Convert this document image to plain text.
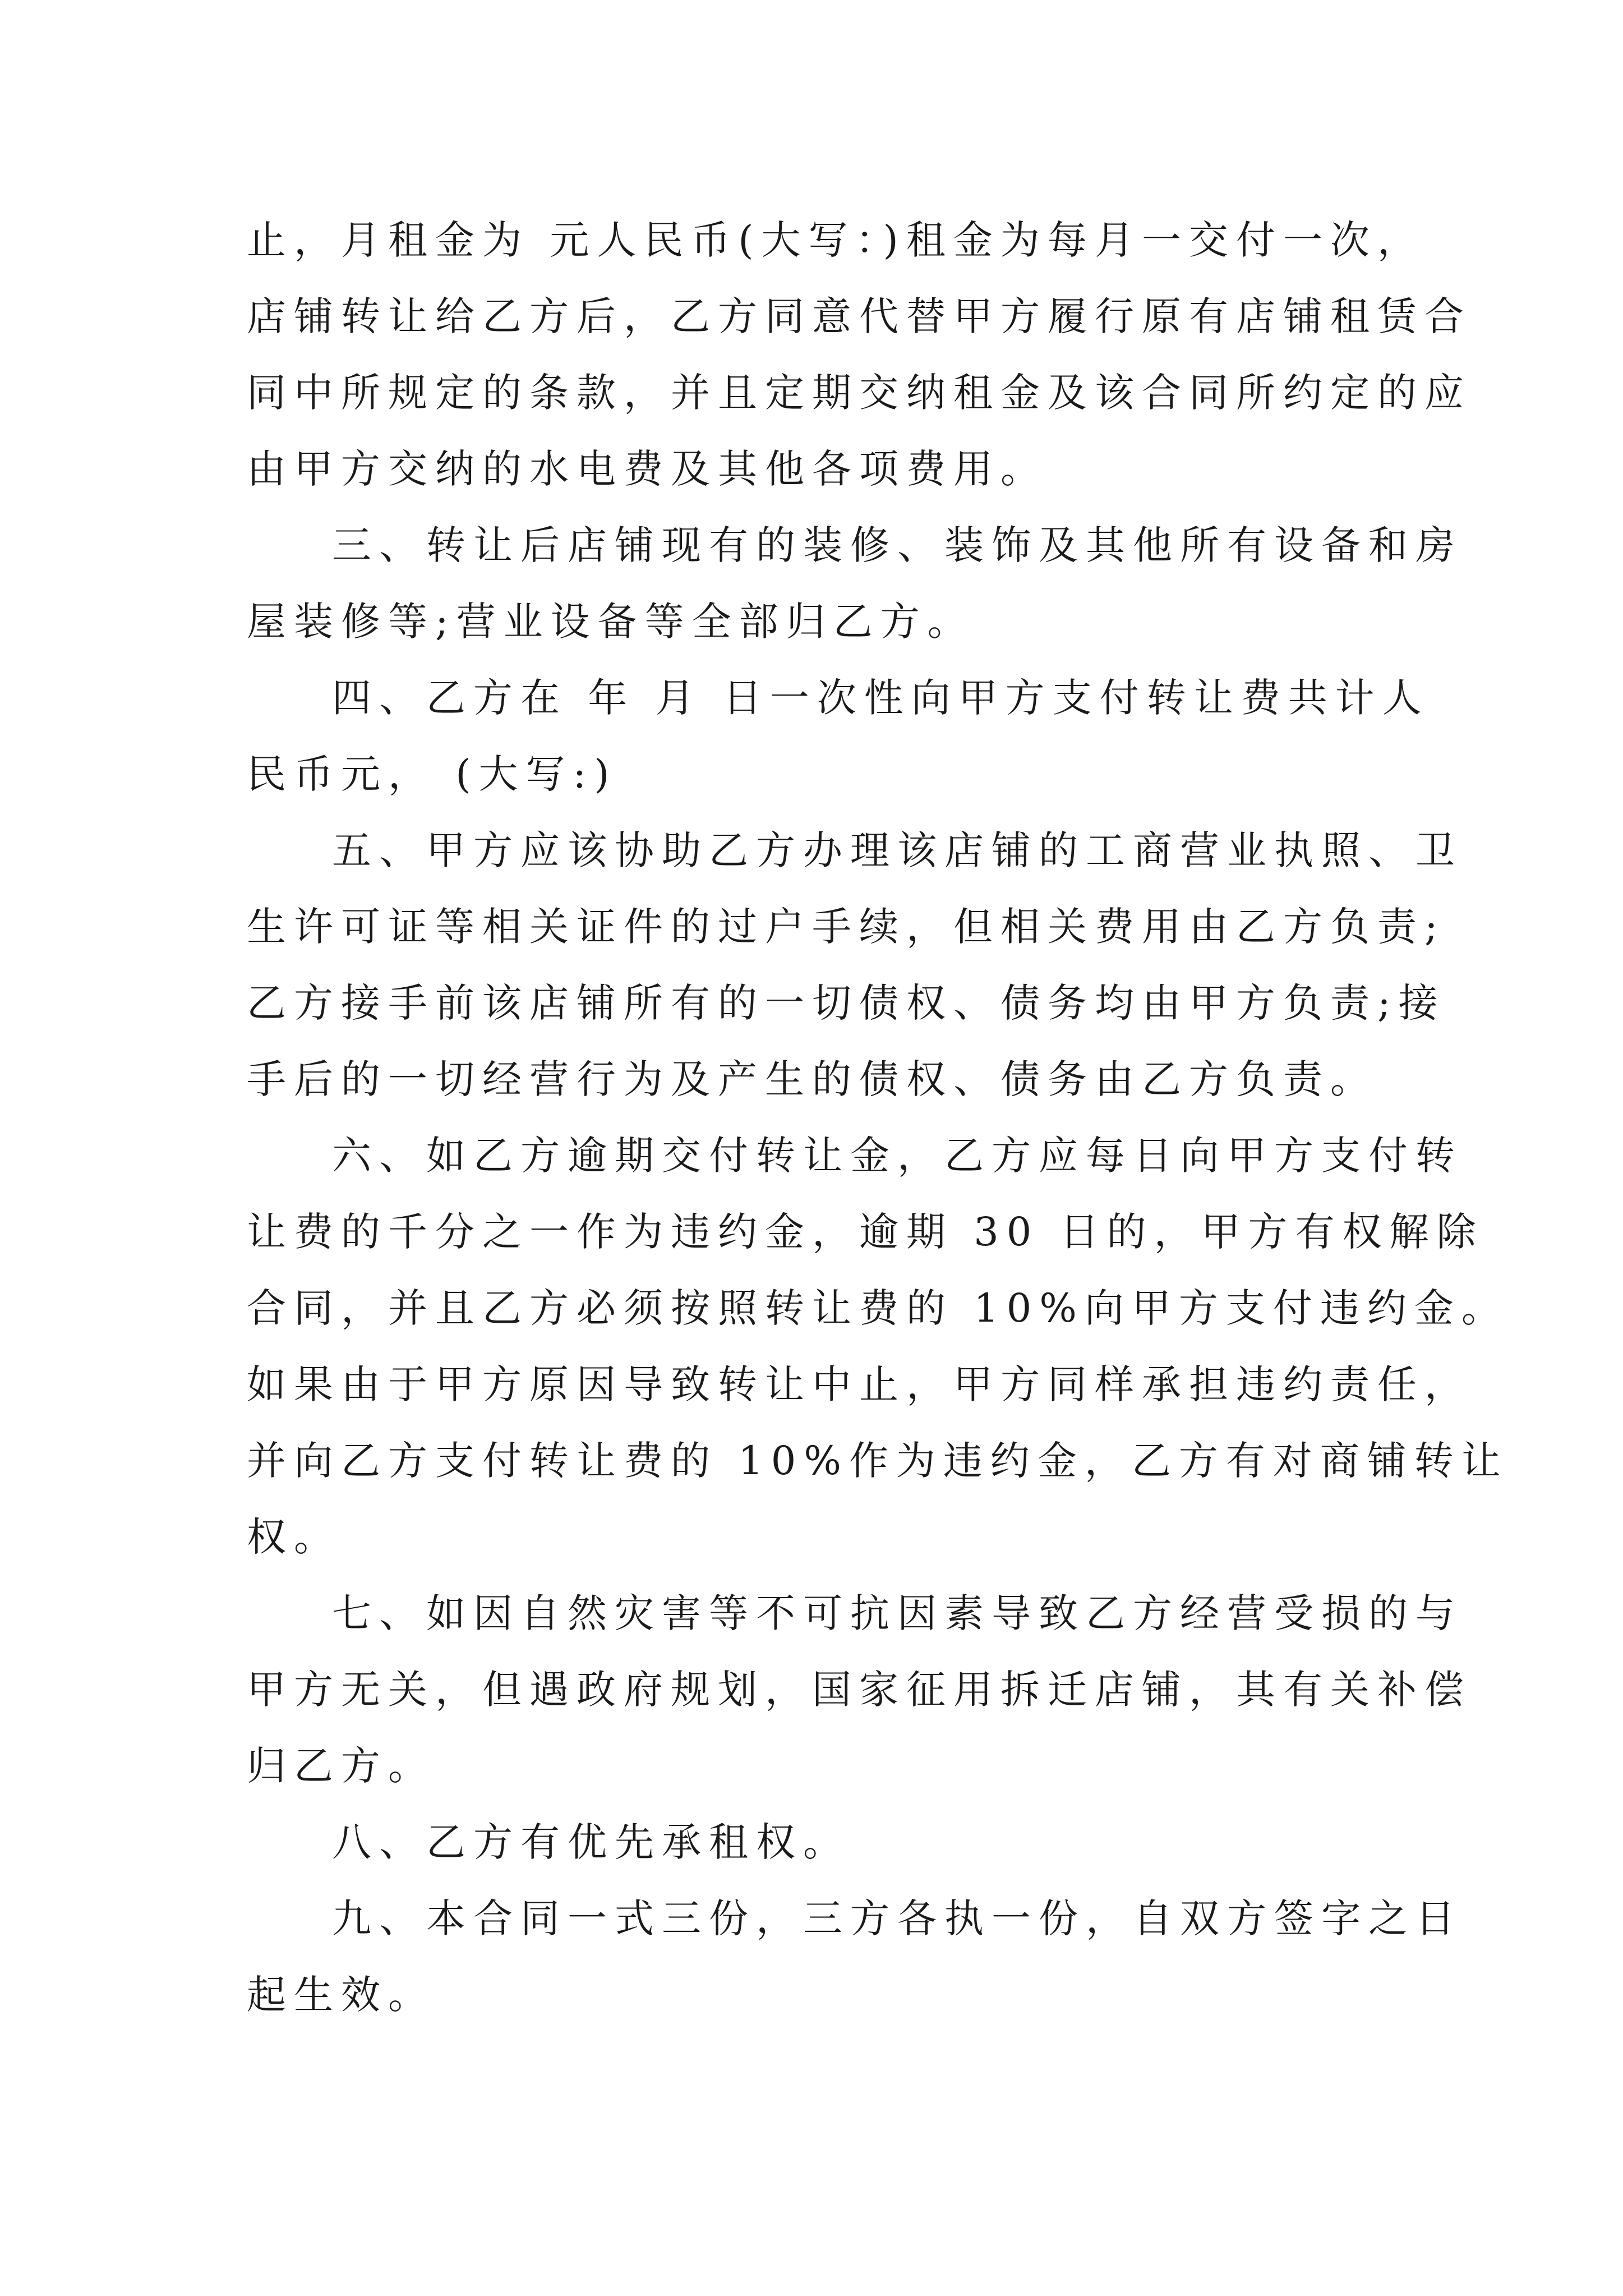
止，月租金为 元人民币(大写：)租金为每月一交付一次，
店铺转让给乙方后，乙方同意代替甲方履行原有店铺租赁合
同中所规定的条款，并且定期交纳租金及该合同所约定的应
由甲方交纳的水电费及其他各项费用。
三、转让后店铺现有的装修、装饰及其他所有设备和房
屋装修等;营业设备等全部归乙方。
四、乙方在 年 月 日一次性向甲方支付转让费共计人
民币元， (大写:)
五、甲方应该协助乙方办理该店铺的工商营业执照、卫
生许可证等相关证件的过户手续，但相关费用由乙方负责;
乙方接手前该店铺所有的一切债权、债务均由甲方负责;接
手后的一切经营行为及产生的债权、债务由乙方负责。
六、如乙方逾期交付转让金，乙方应每日向甲方支付转
让费的千分之一作为违约金，逾期 30 日的，甲方有权解除
合同，并且乙方必须按照转让费的 10%向甲方支付违约金。
如果由于甲方原因导致转让中止，甲方同样承担违约责任，
并向乙方支付转让费的 10%作为违约金，乙方有对商铺转让
权。
七、如因自然灾害等不可抗因素导致乙方经营受损的与
甲方无关，但遇政府规划，国家征用拆迁店铺，其有关补偿
归乙方。
八、乙方有优先承租权。
九、本合同一式三份，三方各执一份，自双方签字之日
起生效。
